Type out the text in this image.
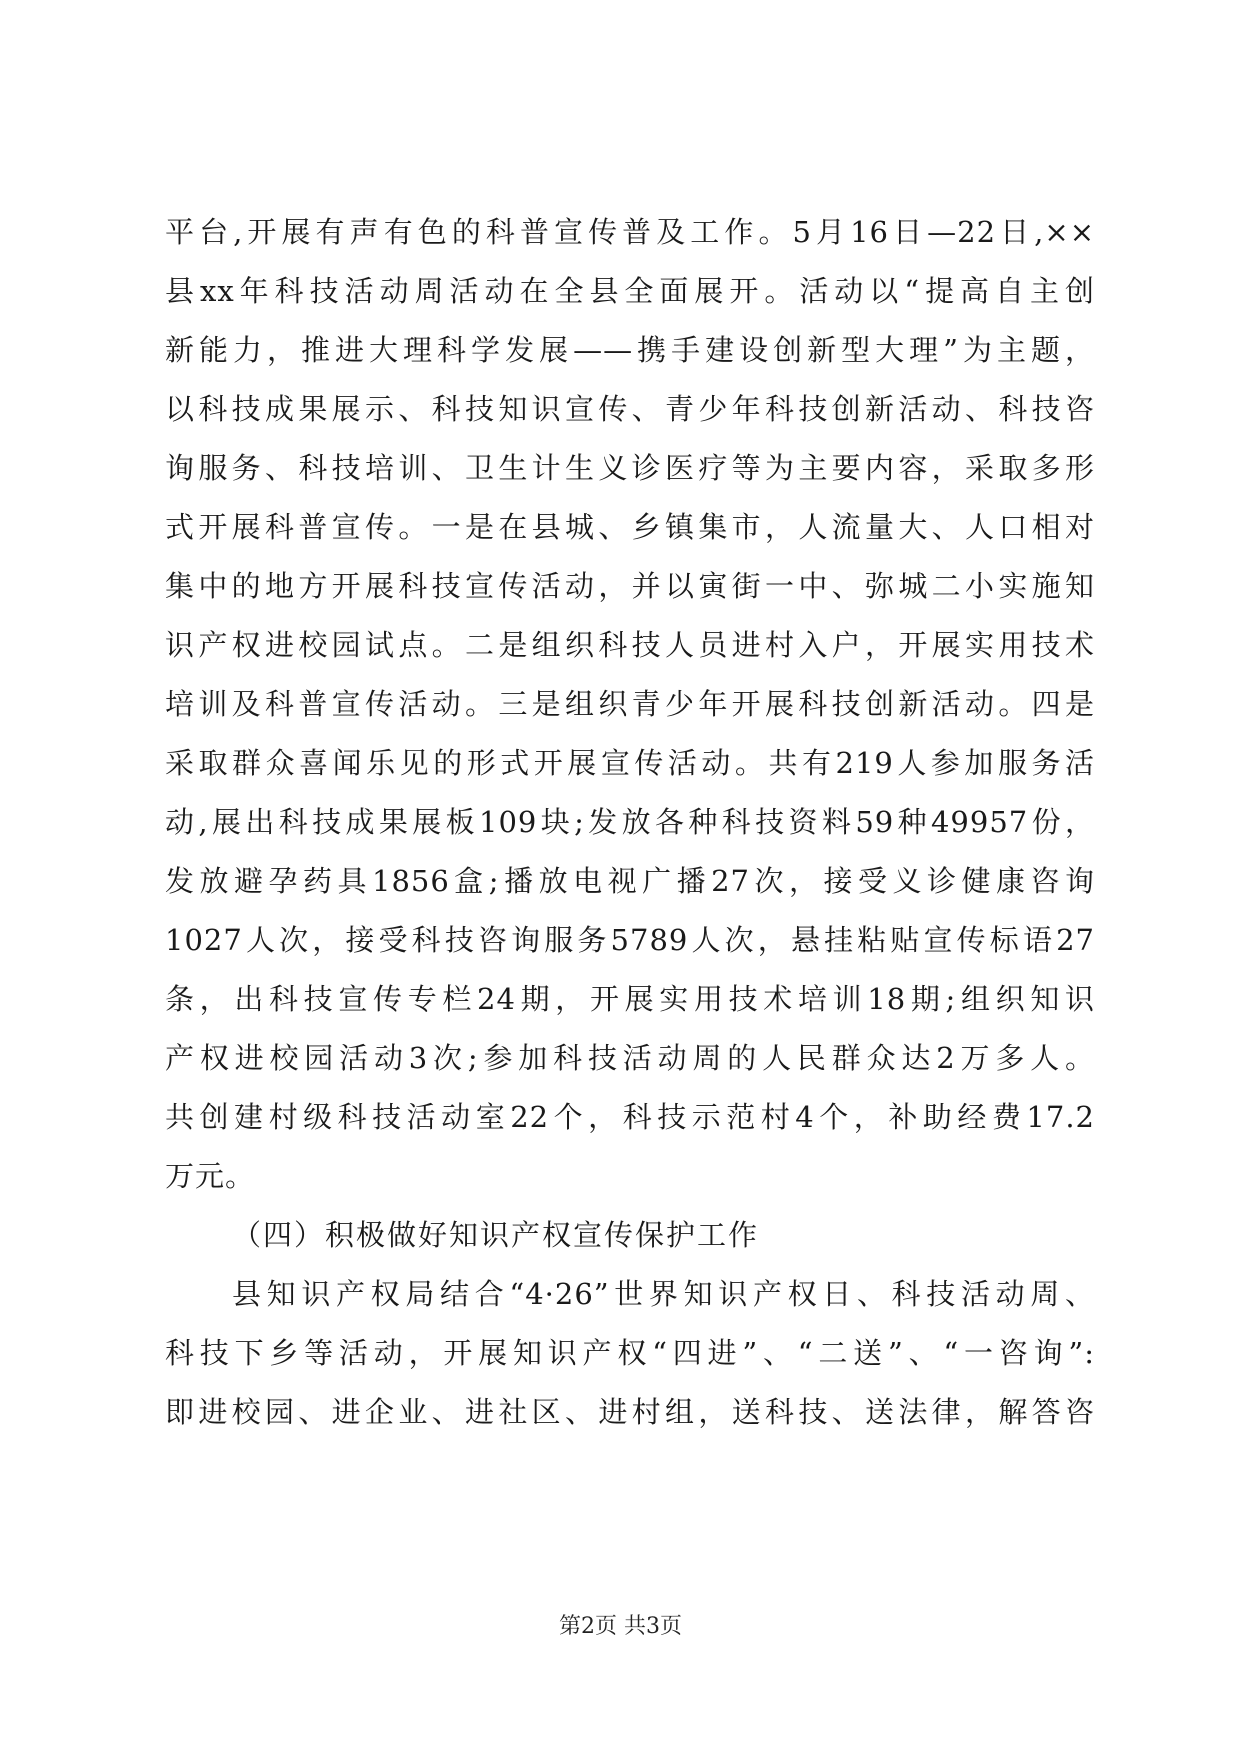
平台,开展有声有色的科普宣传普及工作。5月16日—22日,××
县xx年科技活动周活动在全县全面展开。活动以“提高自主创
新能力，推进大理科学发展——携手建设创新型大理”为主题，
以科技成果展示、科技知识宣传、青少年科技创新活动、科技咨
询服务、科技培训、卫生计生义诊医疗等为主要内容，采取多形
式开展科普宣传。一是在县城、乡镇集市，人流量大、人口相对
集中的地方开展科技宣传活动，并以寅街一中、弥城二小实施知
识产权进校园试点。二是组织科技人员进村入户，开展实用技术
培训及科普宣传活动。三是组织青少年开展科技创新活动。四是
采取群众喜闻乐见的形式开展宣传活动。共有219人参加服务活
动,展出科技成果展板109块;发放各种科技资料59种49957份，
发放避孕药具1856盒;播放电视广播27次，接受义诊健康咨询
1027人次，接受科技咨询服务5789人次，悬挂粘贴宣传标语27
条，出科技宣传专栏24期，开展实用技术培训18期;组织知识
产权进校园活动3次;参加科技活动周的人民群众达2万多人。
共创建村级科技活动室22个，科技示范村4个，补助经费17.2
万元。
（四）积极做好知识产权宣传保护工作
县知识产权局结合“4·26”世界知识产权日、科技活动周、
科技下乡等活动，开展知识产权“四进”、“二送”、“一咨询”:
即进校园、进企业、进社区、进村组，送科技、送法律，解答咨
第2页 共3页
